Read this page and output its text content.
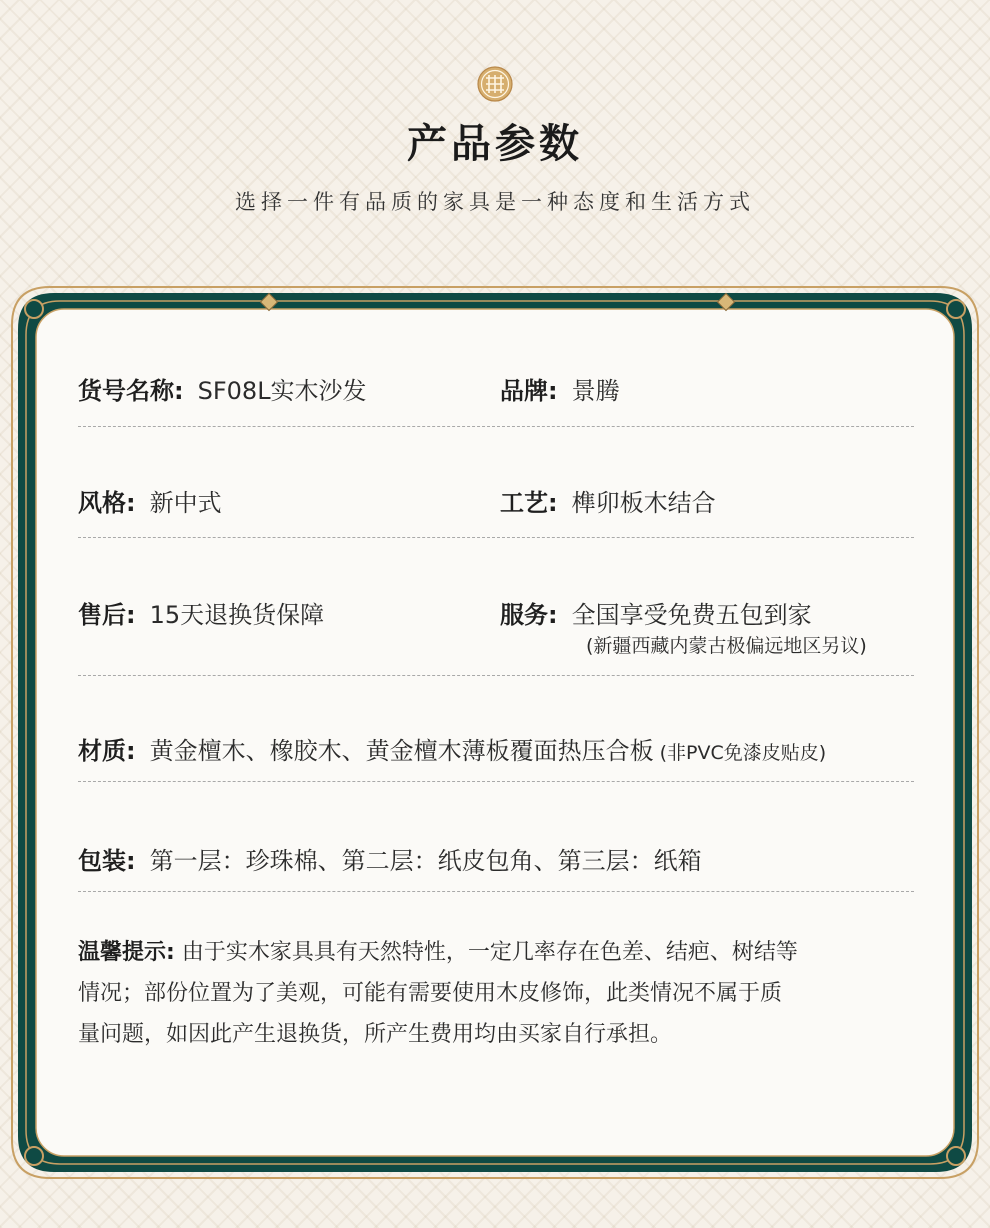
产品参数
选择一件有品质的家具是一种态度和生活方式
货号名称: SF08L实木沙发	品牌: 景腾
风格: 新中式	工艺: 榫卯板木结合
售后: 15天退换货保障	服务: 全国享受免费五包到家
(新疆西藏内蒙古极偏远地区另议)
材质: 黄金檀木、橡胶木、黄金檀木薄板覆面热压合板 (非PVC免漆皮贴皮)
包装: 第一层：珍珠棉、第二层：纸皮包角、第三层：纸箱
温馨提示: 由于实木家具具有天然特性，一定几率存在色差、结疤、树结等
情况；部份位置为了美观，可能有需要使用木皮修饰，此类情况不属于质
量问题，如因此产生退换货，所产生费用均由买家自行承担。
